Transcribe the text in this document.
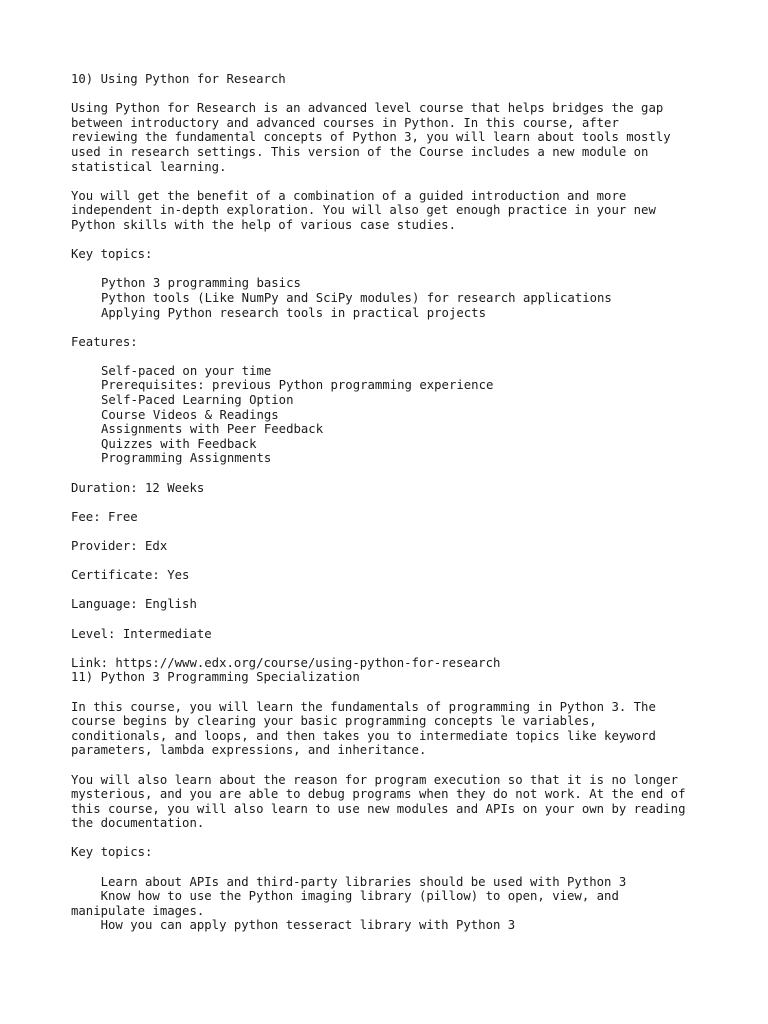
10) Using Python for Research
Using Python for Research is an advanced level course that helps bridges the gap
between introductory and advanced courses in Python. In this course, after
reviewing the fundamental concepts of Python 3, you will learn about tools mostly
used in research settings. This version of the Course includes a new module on
statistical learning.
You will get the benefit of a combination of a guided introduction and more
independent in-depth exploration. You will also get enough practice in your new
Python skills with the help of various case studies.
Key topics:
Python 3 programming basics
Python tools (Like NumPy and SciPy modules) for research applications
Applying Python research tools in practical projects
Features:
Self-paced on your time
Prerequisites: previous Python programming experience
Self-Paced Learning Option
Course Videos & Readings
Assignments with Peer Feedback
Quizzes with Feedback
Programming Assignments
Duration: 12 Weeks
Fee: Free
Provider: Edx
Certificate: Yes
Language: English
Level: Intermediate
Link: https://www.edx.org/course/using-python-for-research
11) Python 3 Programming Specialization
In this course, you will learn the fundamentals of programming in Python 3. The
course begins by clearing your basic programming concepts le variables,
conditionals, and loops, and then takes you to intermediate topics like keyword
parameters, lambda expressions, and inheritance.
You will also learn about the reason for program execution so that it is no longer
mysterious, and you are able to debug programs when they do not work. At the end of
this course, you will also learn to use new modules and APIs on your own by reading
the documentation.
Key topics:
Learn about APIs and third-party libraries should be used with Python 3
Know how to use the Python imaging library (pillow) to open, view, and
manipulate images.
How you can apply python tesseract library with Python 3
